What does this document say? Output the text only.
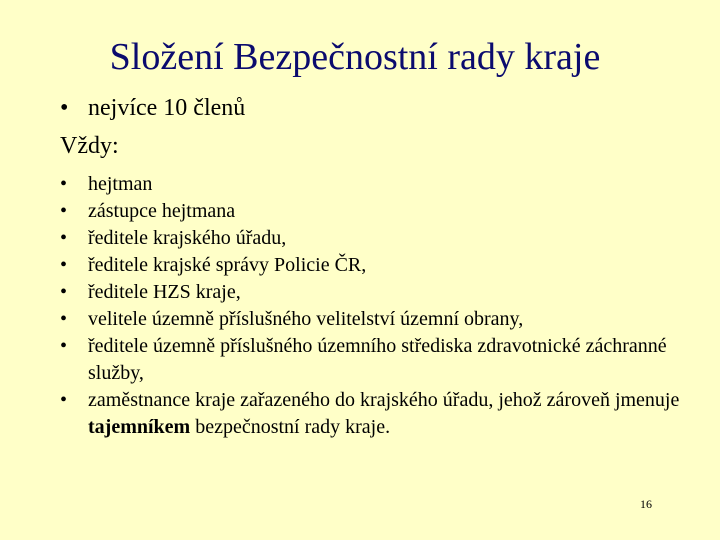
Složení Bezpečnostní rady kraje
• nejvíce 10 členů
Vždy:
•	hejtman
•	zástupce hejtmana
•	ředitele krajského úřadu,
•	ředitele krajské správy Policie ČR,
•	ředitele HZS kraje,
•	velitele územně příslušného velitelství územní obrany,
•	ředitele územně příslušného územního střediska zdravotnické záchranné služby,
•	zaměstnance kraje zařazeného do krajského úřadu, jehož zároveň jmenuje tajemníkem bezpečnostní rady kraje.
16
